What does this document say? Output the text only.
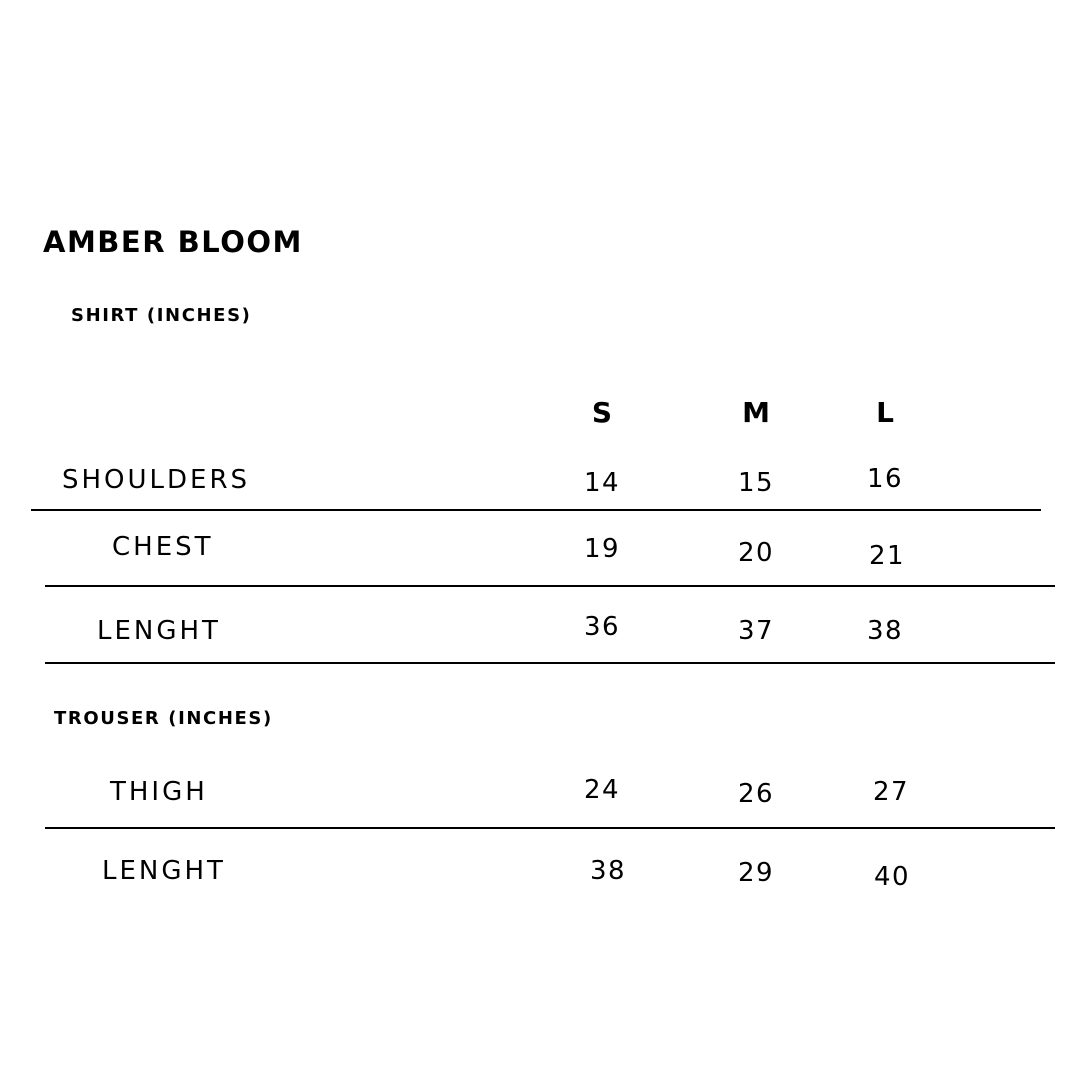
AMBER BLOOM
SHIRT (INCHES)
S	M	L
SHOULDERS	14	15	16
CHEST	19	20	21
LENGHT	36	37	38
TROUSER (INCHES)
THIGH	24	26	27
LENGHT	38	29	40
